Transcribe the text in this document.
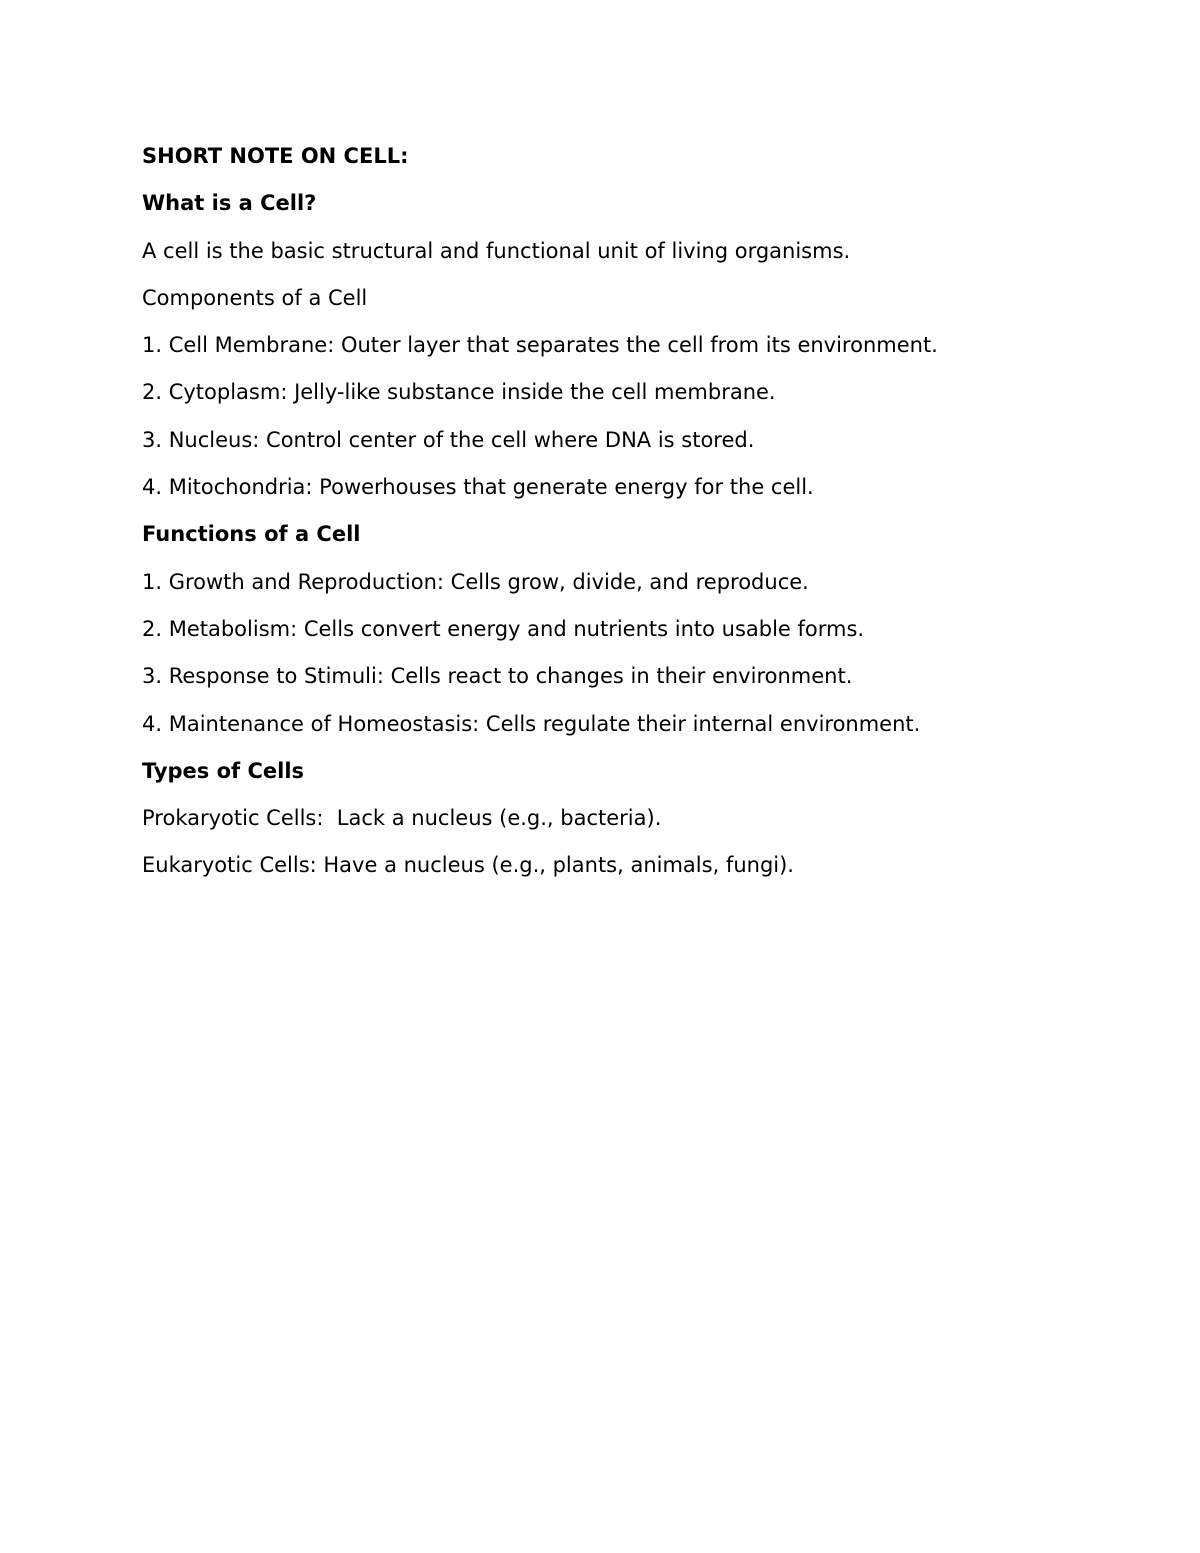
SHORT NOTE ON CELL:
What is a Cell?
A cell is the basic structural and functional unit of living organisms.
Components of a Cell
1. Cell Membrane: Outer layer that separates the cell from its environment.
2. Cytoplasm: Jelly-like substance inside the cell membrane.
3. Nucleus: Control center of the cell where DNA is stored.
4. Mitochondria: Powerhouses that generate energy for the cell.
Functions of a Cell
1. Growth and Reproduction: Cells grow, divide, and reproduce.
2. Metabolism: Cells convert energy and nutrients into usable forms.
3. Response to Stimuli: Cells react to changes in their environment.
4. Maintenance of Homeostasis: Cells regulate their internal environment.
Types of Cells
Prokaryotic Cells:  Lack a nucleus (e.g., bacteria).
Eukaryotic Cells: Have a nucleus (e.g., plants, animals, fungi).
